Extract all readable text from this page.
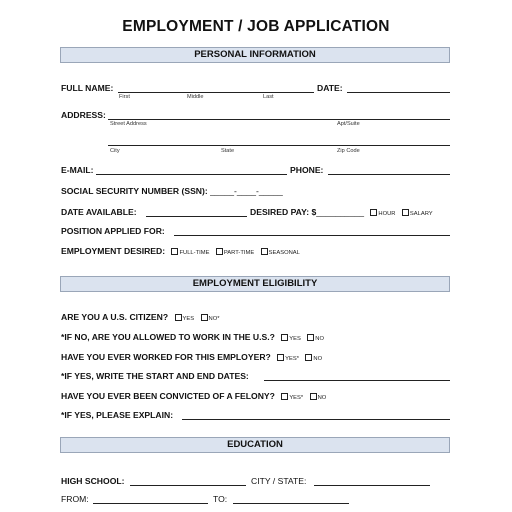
EMPLOYMENT / JOB APPLICATION
PERSONAL INFORMATION
FULL NAME:	DATE:
First	Middle	Last
ADDRESS:
Street Address	Apt/Suite
City	State	Zip Code
E-MAIL:	PHONE:
SOCIAL SECURITY NUMBER (SSN): _____-____-_____
DATE AVAILABLE:	DESIRED PAY: $__________ HOUR SALARY
POSITION APPLIED FOR:
EMPLOYMENT DESIRED: FULL-TIME PART-TIME SEASONAL
EMPLOYMENT ELIGIBILITY
ARE YOU A U.S. CITIZEN? YES NO*
*IF NO, ARE YOU ALLOWED TO WORK IN THE U.S.? YES NO
HAVE YOU EVER WORKED FOR THIS EMPLOYER? YES* NO
*IF YES, WRITE THE START AND END DATES:
HAVE YOU EVER BEEN CONVICTED OF A FELONY? YES* NO
*IF YES, PLEASE EXPLAIN:
EDUCATION
HIGH SCHOOL:	CITY / STATE:
FROM:	TO:
